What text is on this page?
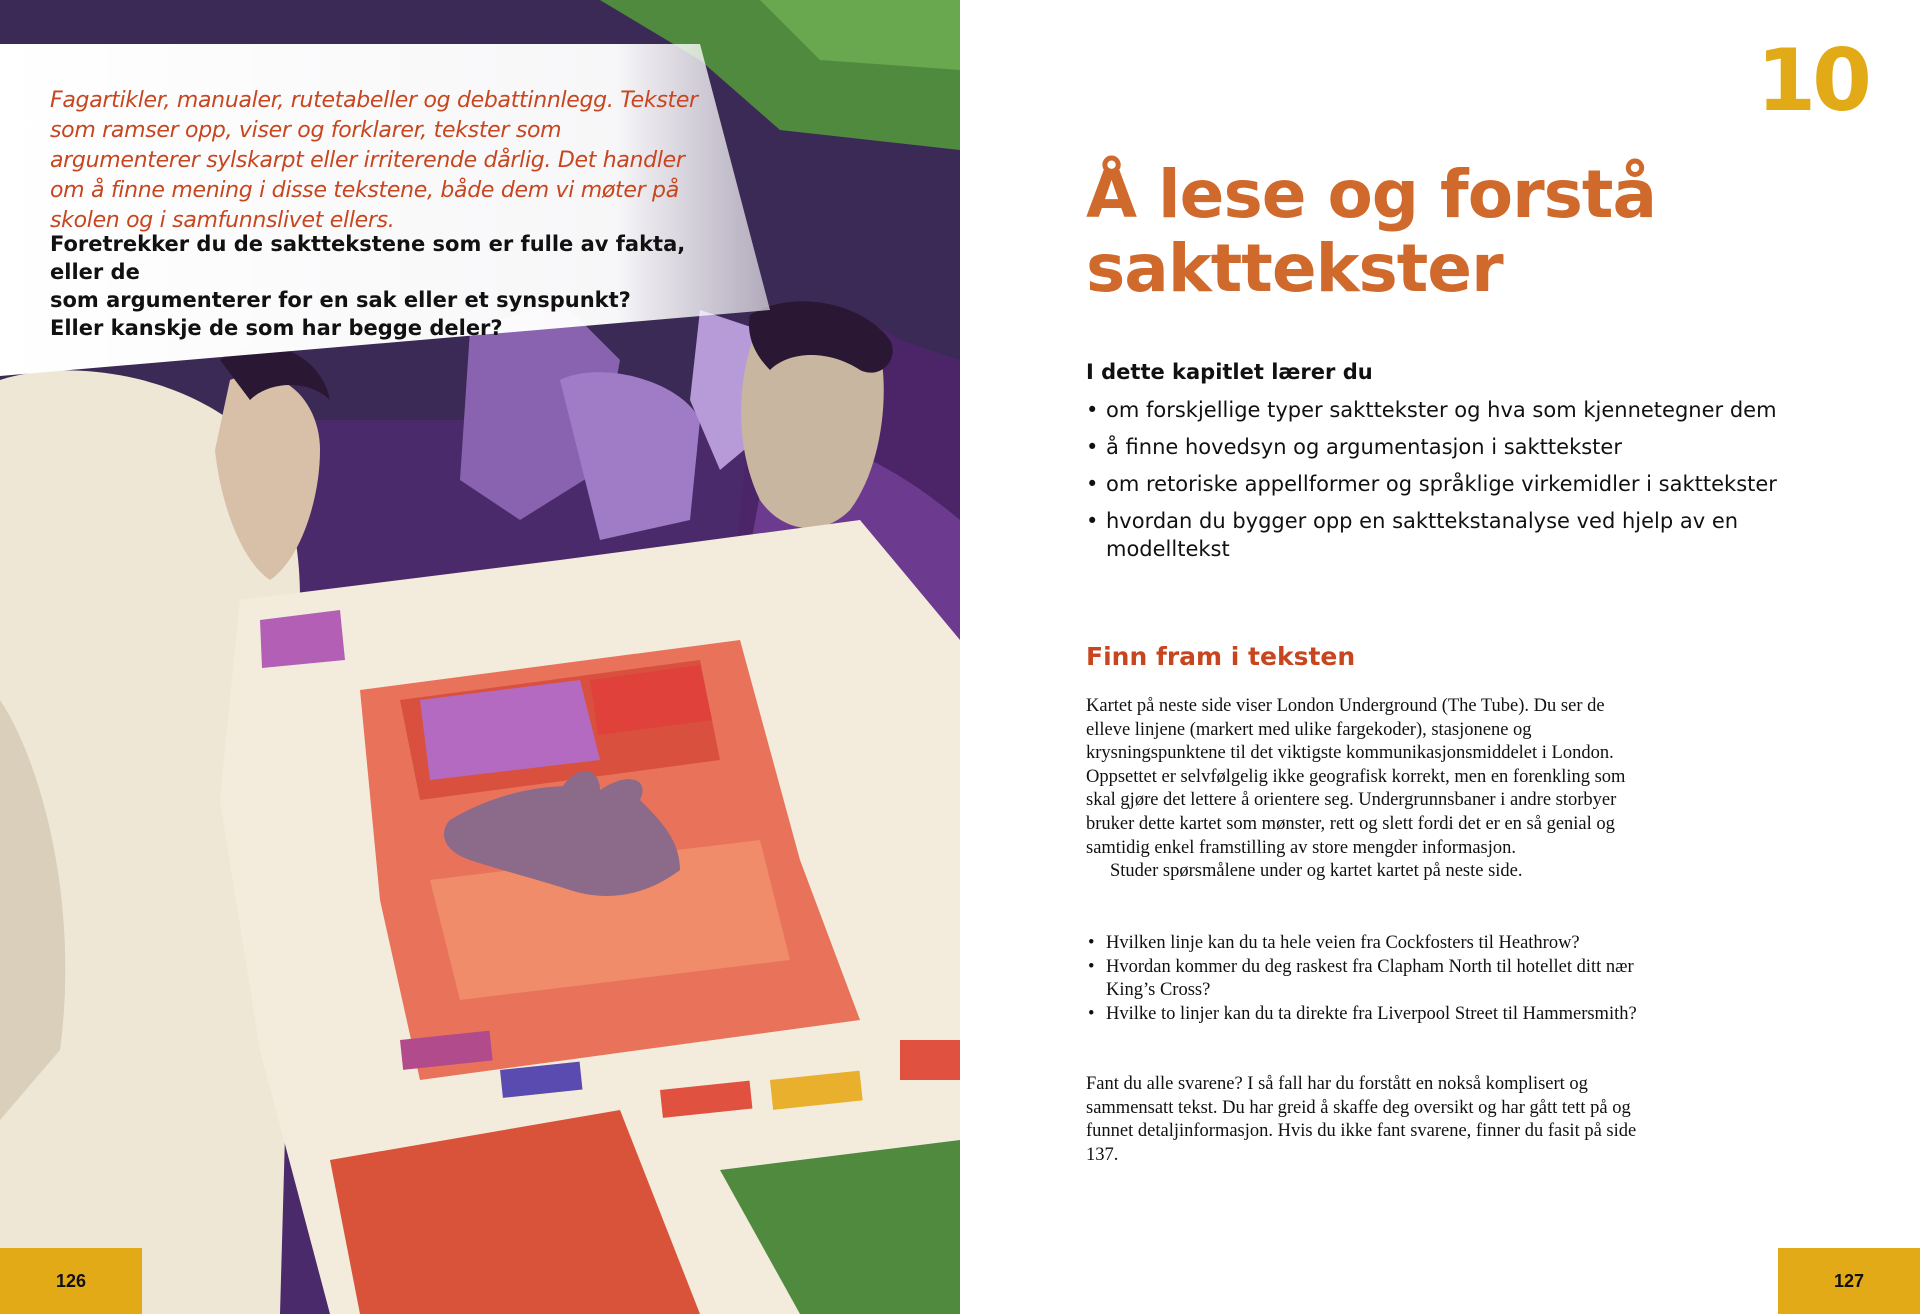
Fagartikler, manualer, rutetabeller og debattinnlegg. Tekster som ramser opp, viser og forklarer, tekster som argumenterer sylskarpt eller irriterende dårlig. Det handler om å finne mening i disse tekstene, både dem vi møter på skolen og i samfunnslivet ellers.

Foretrekker du de sakttekstene som er fulle av fakta, eller de
som argumenterer for en sak eller et synspunkt?
Eller kanskje de som har begge deler?

126
10
Å lese og forstå
sakttekster
I dette kapitlet lærer du
• om forskjellige typer sakttekster og hva som kjennetegner dem
• å finne hovedsyn og argumentasjon i sakttekster
• om retoriske appellformer og språklige virkemidler i sakttekster
• hvordan du bygger opp en sakttekstanalyse ved hjelp av en modelltekst
Finn fram i teksten

Kartet på neste side viser London Underground (The Tube). Du ser de elleve linjene (markert med ulike fargekoder), stasjonene og krysningspunktene til det viktigste kommunikasjonsmiddelet i London. Oppsettet er selvfølgelig ikke geografisk korrekt, men en forenkling som skal gjøre det lettere å orientere seg. Undergrunnsbaner i andre storbyer bruker dette kartet som mønster, rett og slett fordi det er en så genial og samtidig enkel framstilling av store mengder informasjon.
Studer spørsmålene under og kartet kartet på neste side.

• Hvilken linje kan du ta hele veien fra Cockfosters til Heathrow?
• Hvordan kommer du deg raskest fra Clapham North til hotellet ditt nær King’s Cross?
• Hvilke to linjer kan du ta direkte fra Liverpool Street til Hammersmith?

Fant du alle svarene? I så fall har du forstått en nokså komplisert og sammensatt tekst. Du har greid å skaffe deg oversikt og har gått tett på og funnet detaljinformasjon. Hvis du ikke fant svarene, finner du fasit på side 137.

127
